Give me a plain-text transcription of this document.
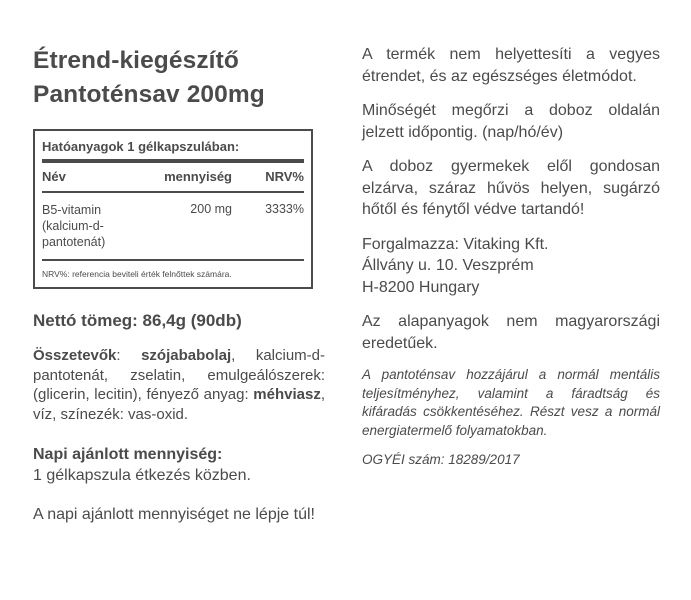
Étrend-kiegészítő
Pantoténsav 200mg
Hatóanyagok 1 gélkapszulában:
Név	mennyiség	NRV%
B5-vitamin
(kalcium-d-pantotenát)
200 mg	3333%
NRV%: referencia beviteli érték felnőttek számára.
Nettó tömeg: 86,4g (90db)
Összetevők: szójababolaj, kalcium-d-pantotenát, zselatin, emulgeálószerek: (glicerin, lecitin), fényező anyag: méhviasz, víz, színezék: vas-oxid.
Napi ajánlott mennyiség:
1 gélkapszula étkezés közben.
A napi ajánlott mennyiséget ne lépje túl!

A termék nem helyettesíti a vegyes étrendet, és az egészséges életmódot.

Minőségét megőrzi a doboz oldalán jelzett időpontig. (nap/hó/év)

A doboz gyermekek elől gondosan elzárva, száraz hűvös helyen, sugárzó hőtől és fénytől védve tartandó!

Forgalmazza: Vitaking Kft.
Állvány u. 10. Veszprém
H-8200 Hungary

Az alapanyagok nem magyarországi eredetűek.

A pantoténsav hozzájárul a normál mentális teljesítményhez, valamint a fáradtság és kifáradás csökkentéséhez. Részt vesz a normál energiatermelő folyamatokban.
OGYÉI szám: 18289/2017
